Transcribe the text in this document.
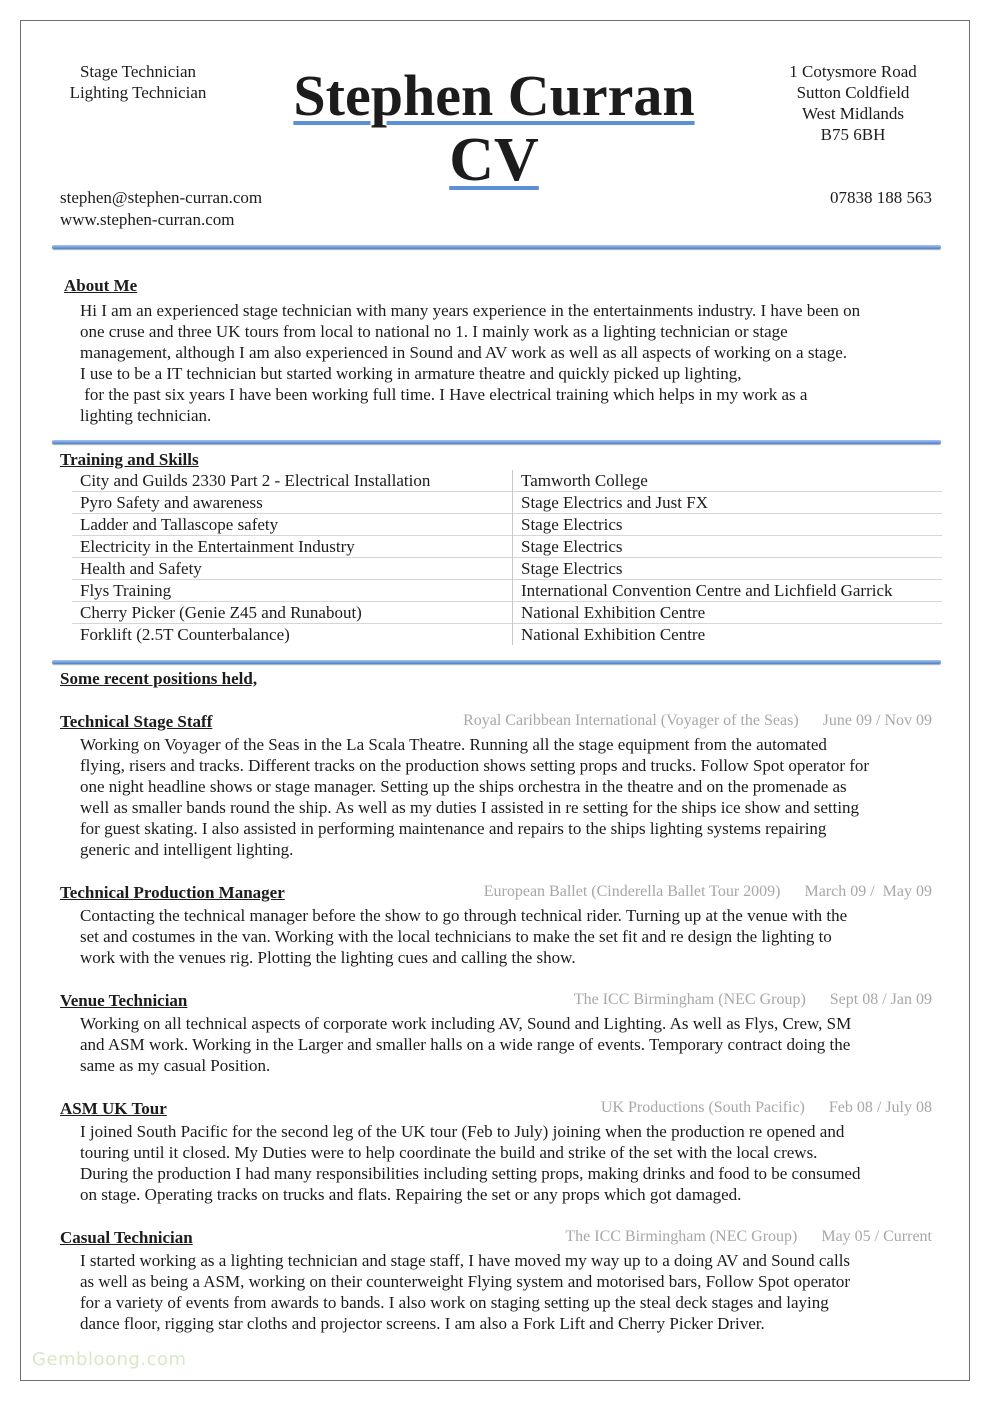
Stage Technician
Lighting Technician	Stephen Curran
CV
1 Cotysmore Road
Sutton Coldfield
West Midlands
B75 6BH
stephen@stephen-curran.com
www.stephen-curran.com
07838 188 563
About Me

Hi I am an experienced stage technician with many years experience in the entertainments industry. I have been on

one cruse and three UK tours from local to national no 1. I mainly work as a lighting technician or stage

management, although I am also experienced in Sound and AV work as well as all aspects of working on a stage.

I use to be a IT technician but started working in armature theatre and quickly picked up lighting,

for the past six years I have been working full time. I Have electrical training which helps in my work as a

lighting technician.

Training and Skills
City and Guilds 2330 Part 2 - Electrical Installation	Tamworth College
Pyro Safety and awareness	Stage Electrics and Just FX
Ladder and Tallascope safety	Stage Electrics
Electricity in the Entertainment Industry	Stage Electrics
Health and Safety	Stage Electrics
Flys Training	International Convention Centre and Lichfield Garrick
Cherry Picker (Genie Z45 and Runabout)	National Exhibition Centre
Forklift (2.5T Counterbalance)	National Exhibition Centre
Some recent positions held,
Technical Stage Staff	Royal Caribbean International (Voyager of the Seas) June 09 / Nov 09

Working on Voyager of the Seas in the La Scala Theatre. Running all the stage equipment from the automated

flying, risers and tracks. Different tracks on the production shows setting props and trucks. Follow Spot operator for

one night headline shows or stage manager. Setting up the ships orchestra in the theatre and on the promenade as

well as smaller bands round the ship. As well as my duties I assisted in re setting for the ships ice show and setting

for guest skating. I also assisted in performing maintenance and repairs to the ships lighting systems repairing

generic and intelligent lighting.

Technical Production Manager	European Ballet (Cinderella Ballet Tour 2009) March 09 /  May 09

Contacting the technical manager before the show to go through technical rider. Turning up at the venue with the

set and costumes in the van. Working with the local technicians to make the set fit and re design the lighting to

work with the venues rig. Plotting the lighting cues and calling the show.

Venue Technician	The ICC Birmingham (NEC Group) Sept 08 / Jan 09

Working on all technical aspects of corporate work including AV, Sound and Lighting. As well as Flys, Crew, SM

and ASM work. Working in the Larger and smaller halls on a wide range of events. Temporary contract doing the

same as my casual Position.

ASM UK Tour	UK Productions (South Pacific) Feb 08 / July 08

I joined South Pacific for the second leg of the UK tour (Feb to July) joining when the production re opened and

touring until it closed. My Duties were to help coordinate the build and strike of the set with the local crews.

During the production I had many responsibilities including setting props, making drinks and food to be consumed

on stage. Operating tracks on trucks and flats. Repairing the set or any props which got damaged.

Casual Technician	The ICC Birmingham (NEC Group) May 05 / Current

I started working as a lighting technician and stage staff, I have moved my way up to a doing AV and Sound calls

as well as being a ASM, working on their counterweight Flying system and motorised bars, Follow Spot operator

for a variety of events from awards to bands. I also work on staging setting up the steal deck stages and laying

dance floor, rigging star cloths and projector screens. I am also a Fork Lift and Cherry Picker Driver.

Gembloong.com
